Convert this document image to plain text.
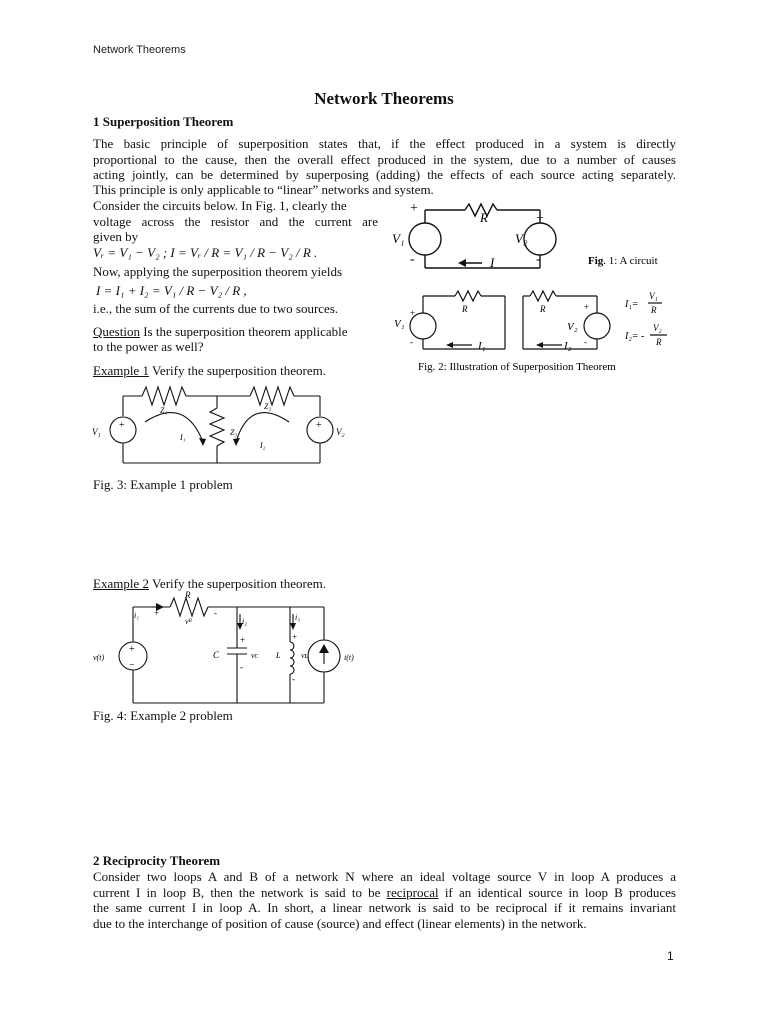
Network Theorems
Network Theorems
1 Superposition Theorem
The basic principle of superposition states that, if the effect produced in a system is directly
proportional to the cause, then the overall effect produced in the system, due to a number of causes
acting jointly, can be determined by superposing (adding) the effects of each source acting separately.
This principle is only applicable to “linear” networks and system.
Consider the circuits below. In Fig. 1, clearly the
voltage across the resistor and the current are
given by
Vᵣ = V₁ − V₂ ; I = Vᵣ / R = V₁ / R − V₂ / R .
Now, applying the superposition theorem yields
I = I₁ + I₂ = V₁ / R − V₂ / R ,
i.e., the sum of the currents due to two sources.
Question Is the superposition theorem applicable
to the power as well?
Example 1 Verify the superposition theorem.
R
+
+
V₁	V₂
-	-
I	Fig. 1: A circuit
R	R
V₁	V₂
+
-
+
-
I₁	I₂
I₁=
V₁
R
I₂= -
V₂
R
Fig. 2: Illustration of Superposition Theorem
+	+
V₁	V₂
Z₁	Z₂
Z₃
I₁
I₂
Fig. 3: Example 1 problem
Example 2 Verify the superposition theorem.
R
+	-
i₁
vᴿ	i₂	i₃
+
−
v(t)
+
-
C	vᴄ
+
-
L	vʟ	i(t)
Fig. 4: Example 2 problem
2 Reciprocity Theorem
Consider two loops A and B of a network N where an ideal voltage source V in loop A produces a
current I in loop B, then the network is said to be reciprocal if an identical source in loop B produces
the same current I in loop A. In short, a linear network is said to be reciprocal if it remains invariant
due to the interchange of position of cause (source) and effect (linear elements) in the network.
1
